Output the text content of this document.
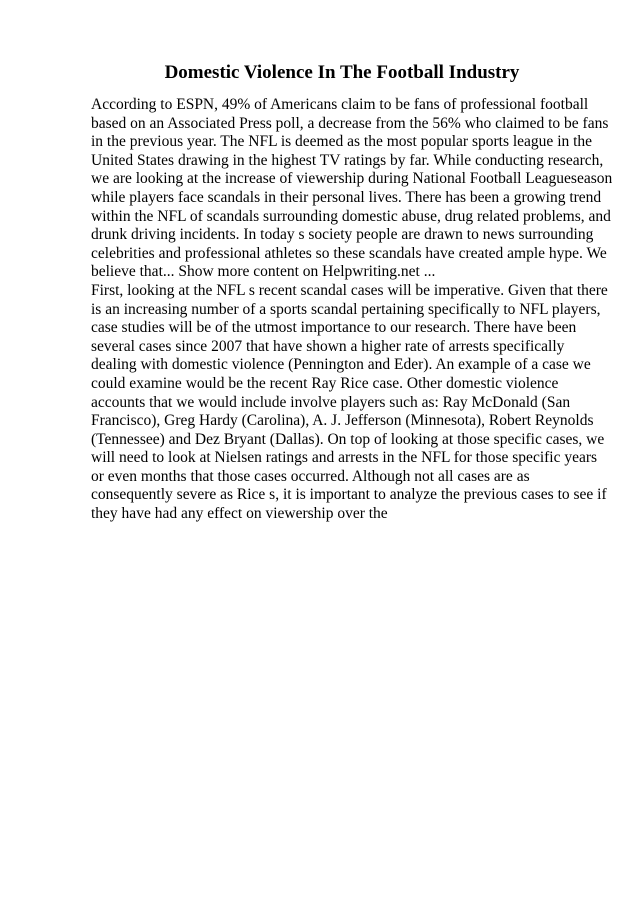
Domestic Violence In The Football Industry
According to ESPN, 49% of Americans claim to be fans of professional football
based on an Associated Press poll, a decrease from the 56% who claimed to be fans
in the previous year. The NFL is deemed as the most popular sports league in the
United States drawing in the highest TV ratings by far. While conducting research,
we are looking at the increase of viewership during National Football Leagueseason
while players face scandals in their personal lives. There has been a growing trend
within the NFL of scandals surrounding domestic abuse, drug related problems, and
drunk driving incidents. In today s society people are drawn to news surrounding
celebrities and professional athletes so these scandals have created ample hype. We
believe that... Show more content on Helpwriting.net ...
First, looking at the NFL s recent scandal cases will be imperative. Given that there
is an increasing number of a sports scandal pertaining specifically to NFL players,
case studies will be of the utmost importance to our research. There have been
several cases since 2007 that have shown a higher rate of arrests specifically
dealing with domestic violence (Pennington and Eder). An example of a case we
could examine would be the recent Ray Rice case. Other domestic violence
accounts that we would include involve players such as: Ray McDonald (San
Francisco), Greg Hardy (Carolina), A. J. Jefferson (Minnesota), Robert Reynolds
(Tennessee) and Dez Bryant (Dallas). On top of looking at those specific cases, we
will need to look at Nielsen ratings and arrests in the NFL for those specific years
or even months that those cases occurred. Although not all cases are as
consequently severe as Rice s, it is important to analyze the previous cases to see if
they have had any effect on viewership over the
